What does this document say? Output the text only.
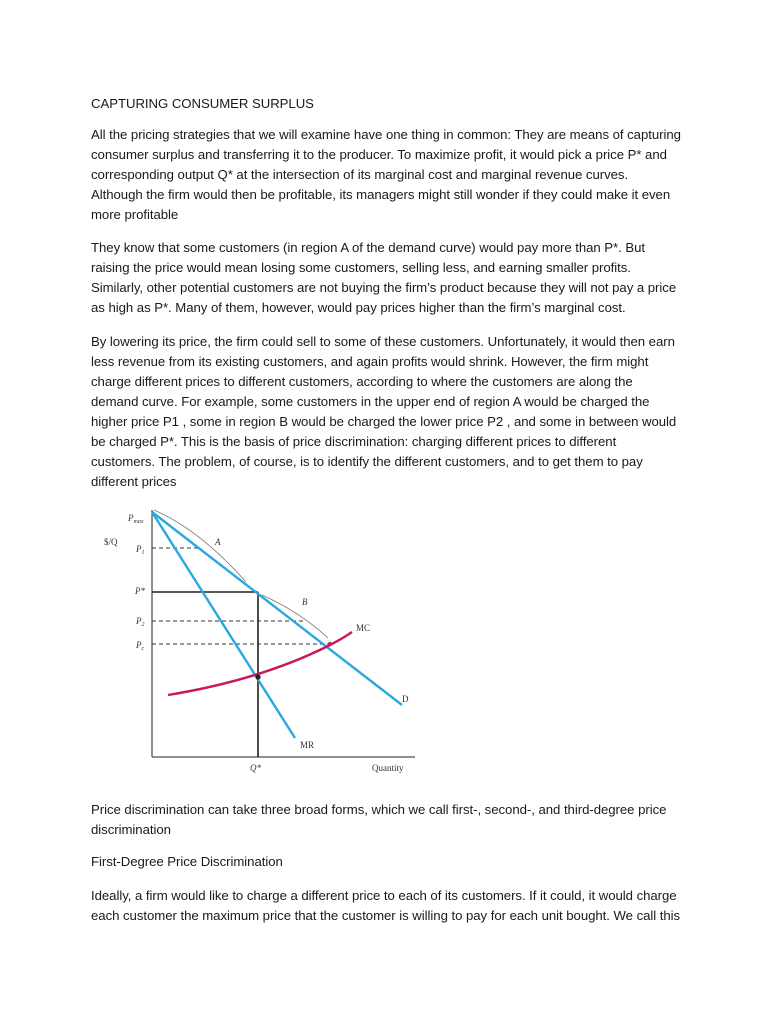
CAPTURING CONSUMER SURPLUS

All the pricing strategies that we will examine have one thing in common: They are means of capturing consumer surplus and transferring it to the producer. To maximize profit, it would pick a price P* and corresponding output Q* at the intersection of its marginal cost and marginal revenue curves. Although the firm would then be profitable, its managers might still wonder if they could make it even more profitable

They know that some customers (in region A of the demand curve) would pay more than P*. But raising the price would mean losing some customers, selling less, and earning smaller profits. Similarly, other potential customers are not buying the firm’s product because they will not pay a price as high as P*. Many of them, however, would pay prices higher than the firm’s marginal cost.

By lowering its price, the firm could sell to some of these customers. Unfortunately, it would then earn less revenue from its existing customers, and again profits would shrink. However, the firm might charge different prices to different customers, according to where the customers are along the demand curve. For example, some customers in the upper end of region A would be charged the higher price P1 , some in region B would be charged the lower price P2 , and some in between would be charged P*. This is the basis of price discrimination: charging different prices to different customers. The problem, of course, is to identify the different customers, and to get them to pay different prices

$/Q
$P_{max}$
$P_1$
P*
$P_2$
$P_c$
Q*	Quantity
A
B
MC
D
MR

Price discrimination can take three broad forms, which we call first-, second-, and third-degree price discrimination

First-Degree Price Discrimination

Ideally, a firm would like to charge a different price to each of its customers. If it could, it would charge each customer the maximum price that the customer is willing to pay for each unit bought. We call this
